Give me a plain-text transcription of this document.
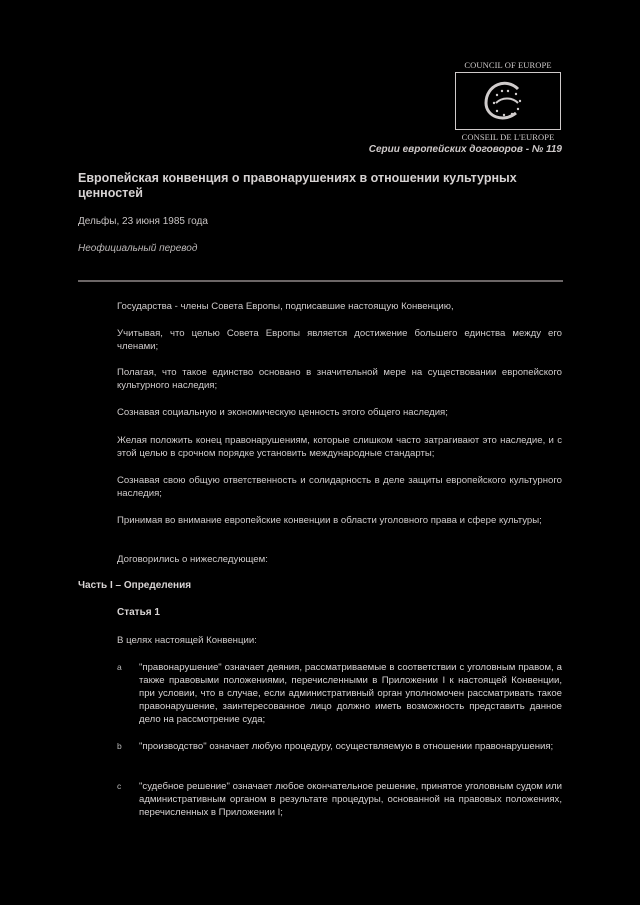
COUNCIL OF EUROPE
CONSEIL DE L'EUROPE
Серии европейских договоров - № 119
Европейская конвенция о правонарушениях в отношении культурных ценностей
Дельфы, 23 июня 1985 года
Неофициальный перевод
Государства - члены Совета Европы, подписавшие настоящую Конвенцию,
Учитывая, что целью Совета Европы является достижение большего единства между его членами;
Полагая, что такое единство основано в значительной мере на существовании европейского культурного наследия;
Сознавая социальную и экономическую ценность этого общего наследия;
Желая положить конец правонарушениям, которые слишком часто затрагивают это наследие, и с этой целью в срочном порядке установить международные стандарты;
Сознавая свою общую ответственность и солидарность в деле защиты европейского культурного наследия;
Принимая во внимание европейские конвенции в области уголовного права и сфере культуры;
Договорились о нижеследующем:
Часть I – Определения
Статья 1
В целях настоящей Конвенции:
a "правонарушение" означает деяния, рассматриваемые в соответствии с уголовным правом, а также правовыми положениями, перечисленными в Приложении I к настоящей Конвенции, при условии, что в случае, если административный орган уполномочен рассматривать такое правонарушение, заинтересованное лицо должно иметь возможность представить данное дело на рассмотрение суда;
b "производство" означает любую процедуру, осуществляемую в отношении правонарушения;
c "судебное решение" означает любое окончательное решение, принятое уголовным судом или административным органом в результате процедуры, основанной на правовых положениях, перечисленных в Приложении I;
